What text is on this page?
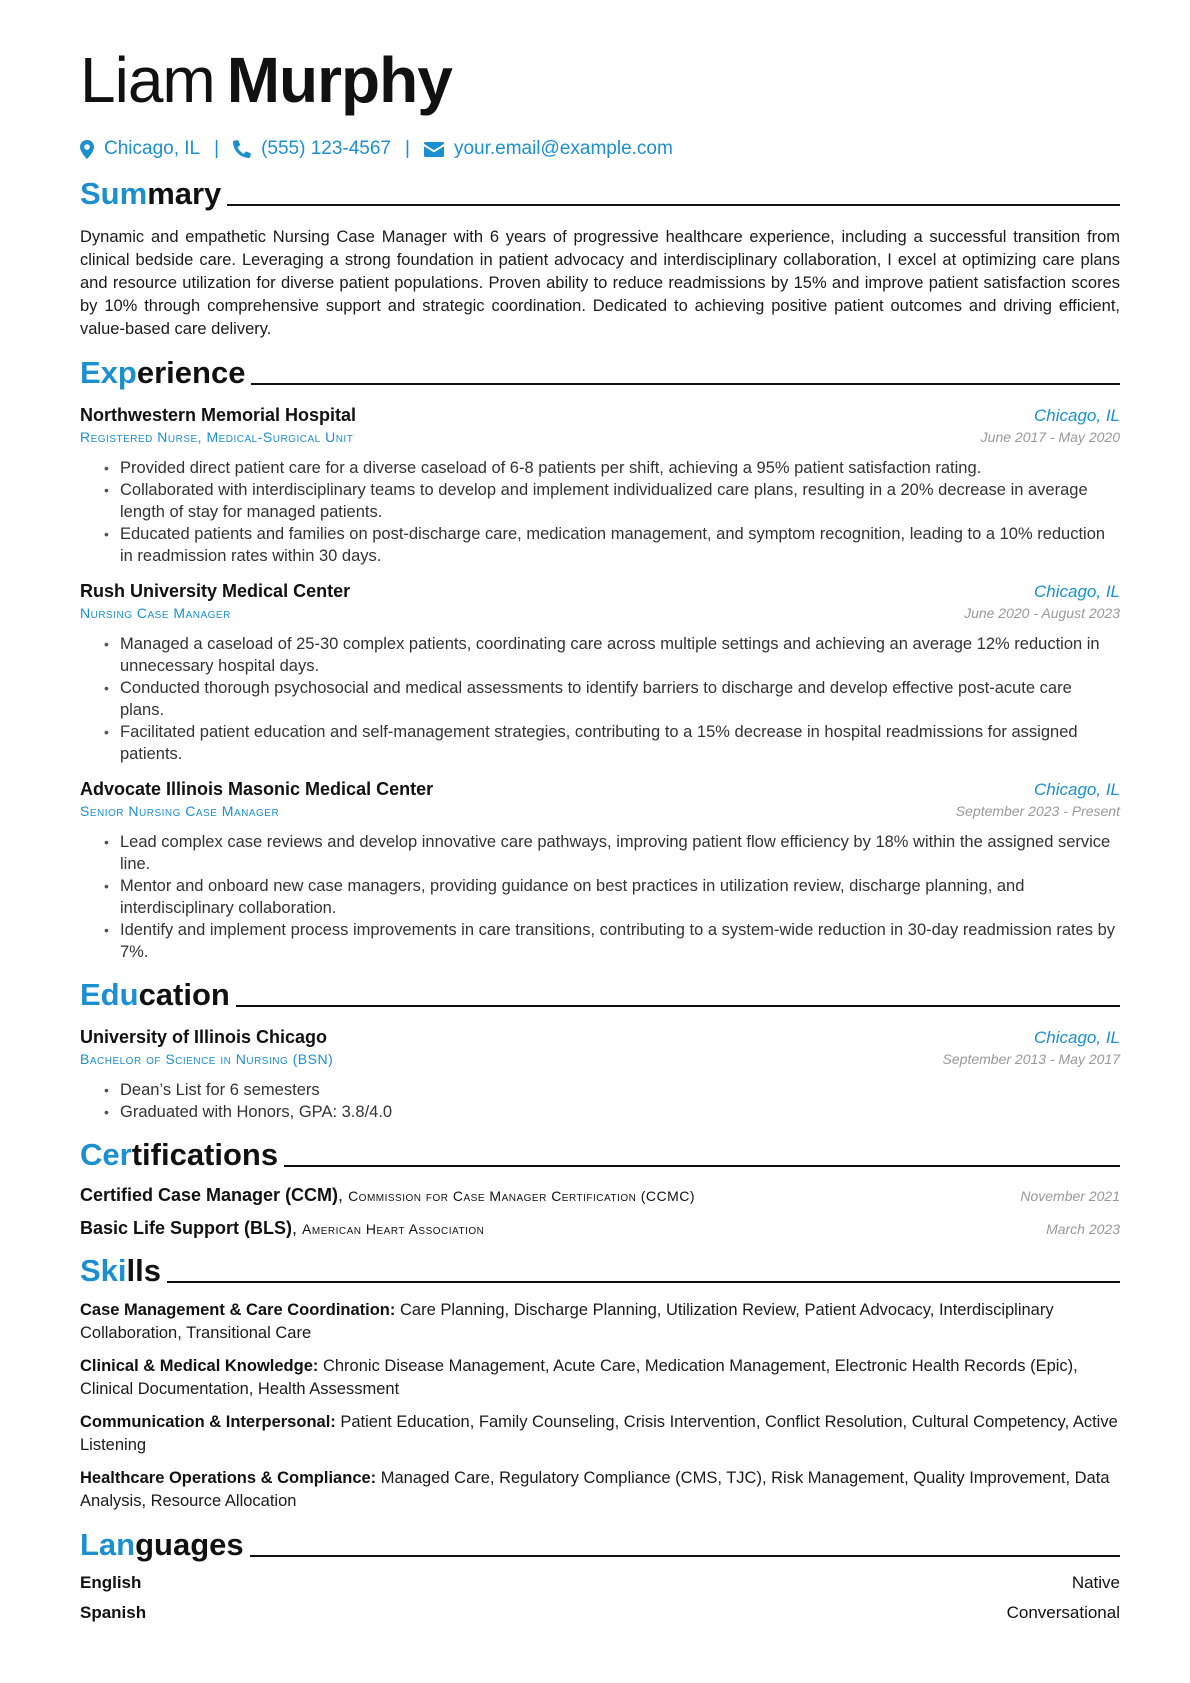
Liam Murphy
Chicago, IL | (555) 123-4567 | your.email@example.com
Summary
Dynamic and empathetic Nursing Case Manager with 6 years of progressive healthcare experience, including a successful transition from clinical bedside care. Leveraging a strong foundation in patient advocacy and interdisciplinary collaboration, I excel at optimizing care plans and resource utilization for diverse patient populations. Proven ability to reduce readmissions by 15% and improve patient satisfaction scores by 10% through comprehensive support and strategic coordination. Dedicated to achieving positive patient outcomes and driving efficient, value-based care delivery.
Experience
Northwestern Memorial Hospital	Chicago, IL
Registered Nurse, Medical-Surgical Unit	June 2017 - May 2020
• Provided direct patient care for a diverse caseload of 6-8 patients per shift, achieving a 95% patient satisfaction rating.
• Collaborated with interdisciplinary teams to develop and implement individualized care plans, resulting in a 20% decrease in average length of stay for managed patients.
• Educated patients and families on post-discharge care, medication management, and symptom recognition, leading to a 10% reduction in readmission rates within 30 days.
Rush University Medical Center	Chicago, IL
Nursing Case Manager	June 2020 - August 2023
• Managed a caseload of 25-30 complex patients, coordinating care across multiple settings and achieving an average 12% reduction in unnecessary hospital days.
• Conducted thorough psychosocial and medical assessments to identify barriers to discharge and develop effective post-acute care plans.
• Facilitated patient education and self-management strategies, contributing to a 15% decrease in hospital readmissions for assigned patients.
Advocate Illinois Masonic Medical Center	Chicago, IL
Senior Nursing Case Manager	September 2023 - Present
• Lead complex case reviews and develop innovative care pathways, improving patient flow efficiency by 18% within the assigned service line.
• Mentor and onboard new case managers, providing guidance on best practices in utilization review, discharge planning, and interdisciplinary collaboration.
• Identify and implement process improvements in care transitions, contributing to a system-wide reduction in 30-day readmission rates by 7%.
Education
University of Illinois Chicago	Chicago, IL
Bachelor of Science in Nursing (BSN)	September 2013 - May 2017
• Dean’s List for 6 semesters
• Graduated with Honors, GPA: 3.8/4.0
Certifications
Certified Case Manager (CCM), Commission for Case Manager Certification (CCMC)	November 2021
Basic Life Support (BLS), American Heart Association	March 2023
Skills
Case Management & Care Coordination: Care Planning, Discharge Planning, Utilization Review, Patient Advocacy, Interdisciplinary Collaboration, Transitional Care
Clinical & Medical Knowledge: Chronic Disease Management, Acute Care, Medication Management, Electronic Health Records (Epic), Clinical Documentation, Health Assessment
Communication & Interpersonal: Patient Education, Family Counseling, Crisis Intervention, Conflict Resolution, Cultural Competency, Active Listening
Healthcare Operations & Compliance: Managed Care, Regulatory Compliance (CMS, TJC), Risk Management, Quality Improvement, Data Analysis, Resource Allocation
Languages
English	Native
Spanish	Conversational
